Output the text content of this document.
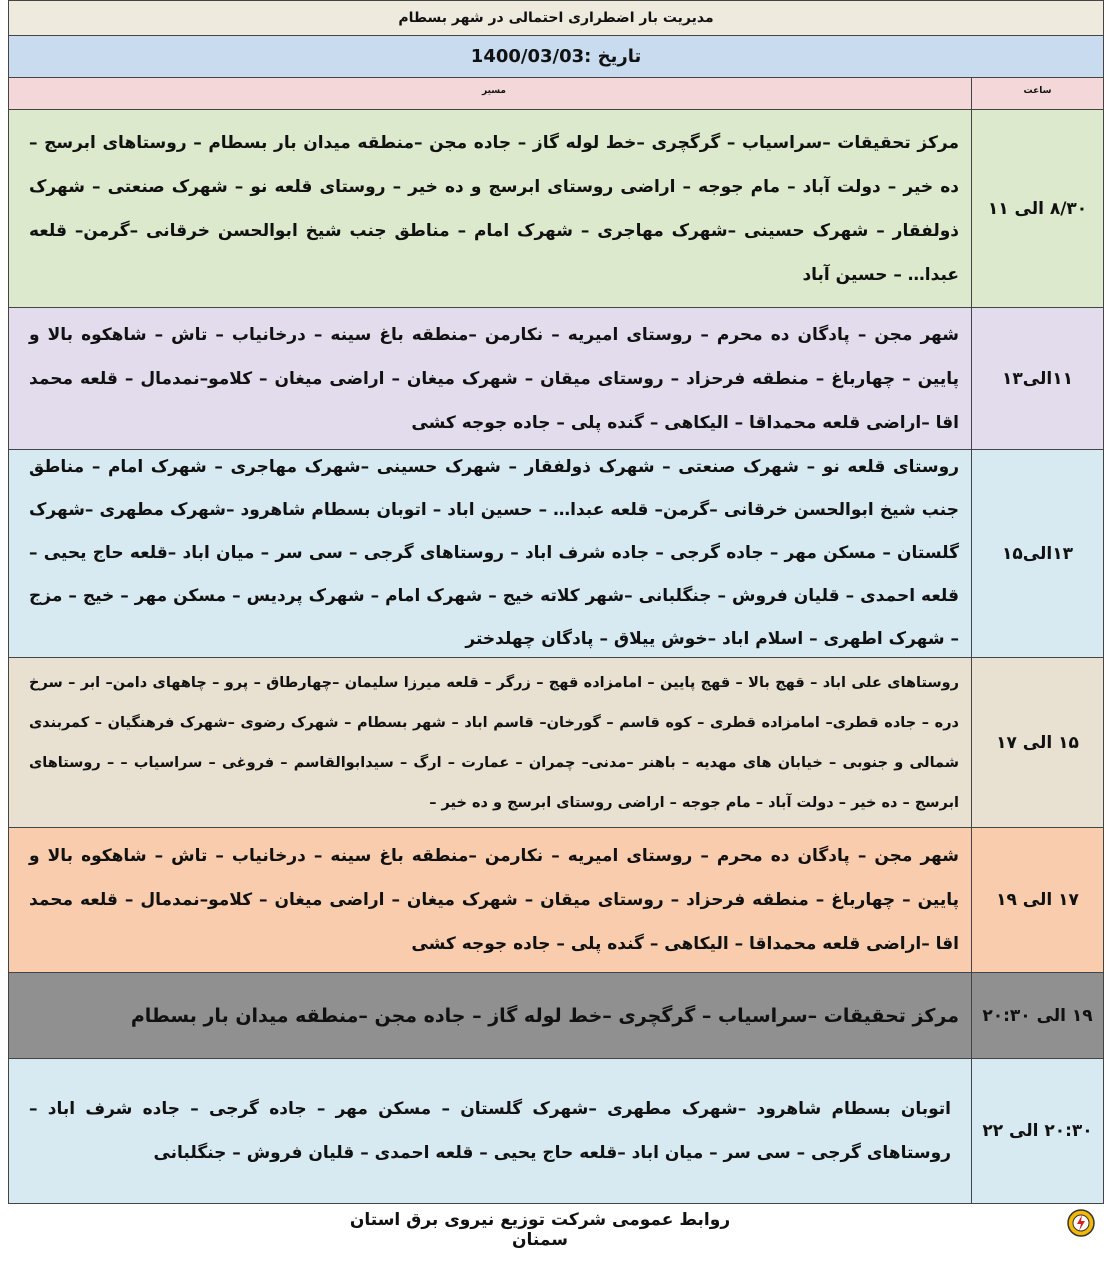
مدیریت بار اضطراری احتمالی در شهر بسطام
تاریخ :1400/03/03
ساعت
مسیر
۸/۳۰ الی ۱۱
مرکز تحقیقات –سراسیاب – گرگچری –خط لوله گاز – جاده مجن –منطقه میدان بار بسطام – روستاهای ابرسج – ده خیر – دولت آباد – مام جوجه – اراضی روستای ابرسج و ده خیر – روستای قلعه نو – شهرک صنعتی – شهرک ذولفقار – شهرک حسینی –شهرک مهاجری – شهرک امام – مناطق جنب شیخ ابوالحسن خرقانی –گرمن– قلعه عبدا… – حسین آباد
۱۱الی۱۳
شهر مجن – پادگان ده محرم – روستای امیریه – نکارمن –منطقه باغ سینه – درخانیاب – تاش – شاهکوه بالا و پایین – چهارباغ – منطقه فرحزاد – روستای میقان – شهرک میغان – اراضی میغان – کلامو–نمدمال – قلعه محمد اقا –اراضی قلعه محمداقا – الیکاهی – گنده پلی – جاده جوجه کشی
۱۳الی۱۵
روستای قلعه نو – شهرک صنعتی – شهرک ذولفقار – شهرک حسینی –شهرک مهاجری – شهرک امام – مناطق جنب شیخ ابوالحسن خرقانی –گرمن– قلعه عبدا… – حسین اباد – اتوبان بسطام شاهرود –شهرک مطهری –شهرک گلستان – مسکن مهر – جاده گرجی – جاده شرف اباد – روستاهای گرجی – سی سر – میان اباد –قلعه حاج یحیی – قلعه احمدی – قلیان فروش – جنگلبانی –شهر کلاته خیج – شهرک امام – شهرک پردیس – مسکن مهر – خیج – مزج – شهرک اطهری – اسلام اباد –خوش ییلاق – پادگان چهلدختر
۱۵ الی ۱۷
روستاهای علی اباد – قهج بالا – قهج پایین – امامزاده قهج – زرگر – قلعه میرزا سلیمان –چهارطاق – پرو – چاههای دامن– ابر – سرخ دره – جاده قطری– امامزاده قطری – کوه قاسم – گورخان– قاسم اباد – شهر بسطام – شهرک رضوی –شهرک فرهنگیان – کمربندی شمالی و جنوبی – خیابان های مهدیه – باهنر –مدنی– چمران – عمارت – ارگ – سیدابوالقاسم – فروغی – سراسیاب – – روستاهای ابرسج – ده خیر – دولت آباد – مام جوجه – اراضی روستای ابرسج و ده خیر –
۱۷ الی ۱۹
شهر مجن – پادگان ده محرم – روستای امیریه – نکارمن –منطقه باغ سینه – درخانیاب – تاش – شاهکوه بالا و پایین – چهارباغ – منطقه فرحزاد – روستای میقان – شهرک میغان – اراضی میغان – کلامو–نمدمال – قلعه محمد اقا –اراضی قلعه محمداقا – الیکاهی – گنده پلی – جاده جوجه کشی
۱۹ الی ۲۰:۳۰
مرکز تحقیقات –سراسیاب – گرگچری –خط لوله گاز – جاده مجن –منطقه میدان بار بسطام
۲۰:۳۰ الی ۲۲
اتوبان بسطام شاهرود –شهرک مطهری –شهرک گلستان – مسکن مهر – جاده گرجی – جاده شرف اباد – روستاهای گرجی – سی سر – میان اباد –قلعه حاج یحیی – قلعه احمدی – قلیان فروش – جنگلبانی
روابط عمومی شرکت توزیع نیروی برق استان سمنان
